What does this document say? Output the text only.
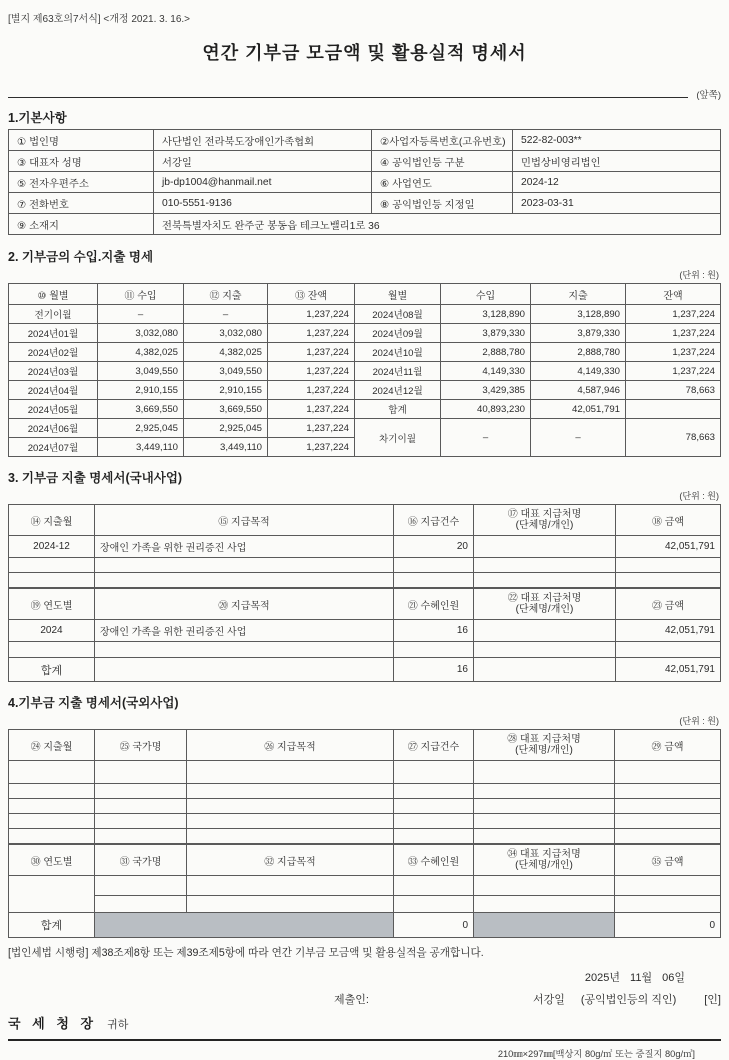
[별지 제63호의7서식] <개정 2021. 3. 16.>
연간 기부금 모금액 및 활용실적 명세서
(앞쪽)
1.기본사항
① 법인명	사단법인 전라북도장애인가족협회	②사업자등록번호(고유번호)	522-82-003**
③ 대표자 성명	서강일	④ 공익법인등 구분	민법상비영리법인
⑤ 전자우편주소	jb-dp1004@hanmail.net	⑥ 사업연도	2024-12
⑦ 전화번호	010-5551-9136	⑧ 공익법인등 지정일	2023-03-31
⑨ 소재지	전북특별자치도 완주군 봉동읍 테크노밸리1로 36		
2. 기부금의 수입.지출 명세
(단위 : 원)
⑩ 월별	⑪ 수입	⑫ 지출	⑬ 잔액	월별	수입	지출	잔액
전기이월	–	–	1,237,224	2024년08월	3,128,890	3,128,890	1,237,224
2024년01월	3,032,080	3,032,080	1,237,224	2024년09월	3,879,330	3,879,330	1,237,224
2024년02월	4,382,025	4,382,025	1,237,224	2024년10월	2,888,780	2,888,780	1,237,224
2024년03월	3,049,550	3,049,550	1,237,224	2024년11월	4,149,330	4,149,330	1,237,224
2024년04월	2,910,155	2,910,155	1,237,224	2024년12월	3,429,385	4,587,946	78,663
2024년05월	3,669,550	3,669,550	1,237,224	합계	40,893,230	42,051,791	
2024년06월	2,925,045	2,925,045	1,237,224	차기이월	–	–	78,663
2024년07월	3,449,110	3,449,110	1,237,224				
3. 기부금 지출 명세서(국내사업)
(단위 : 원)
⑭ 지출월	⑮ 지급목적	⑯ 지급건수	⑰ 대표 지급처명
(단체명/개인)	⑱ 금액
2024-12	장애인 가족을 위한 권리증진 사업	20		42,051,791

⑲ 연도별	⑳ 지급목적	㉑ 수혜인원	㉒ 대표 지급처명
(단체명/개인)	㉓ 금액
2024	장애인 가족을 위한 권리증진 사업	16		42,051,791

합계		16		42,051,791
4.기부금 지출 명세서(국외사업)
(단위 : 원)
㉔ 지출월	㉕ 국가명	㉖ 지급목적	㉗ 지급건수	㉘ 대표 지급처명
(단체명/개인)	㉙ 금액

㉚ 연도별	㉛ 국가명	㉜ 지급목적	㉝ 수혜인원	㉞ 대표 지급처명
(단체명/개인)	㉟ 금액

합계			0		0
[법인세법 시행령] 제38조제8항 또는 제39조제5항에 따라 연간 기부금 모금액 및 활용실적을 공개합니다.
2025년 11월 06일
제출인:	서강일 (공익법인등의 직인)	[인]
국 세 청 장 귀하
210㎜×297㎜[백상지 80g/㎡ 또는 중질지 80g/㎡]
